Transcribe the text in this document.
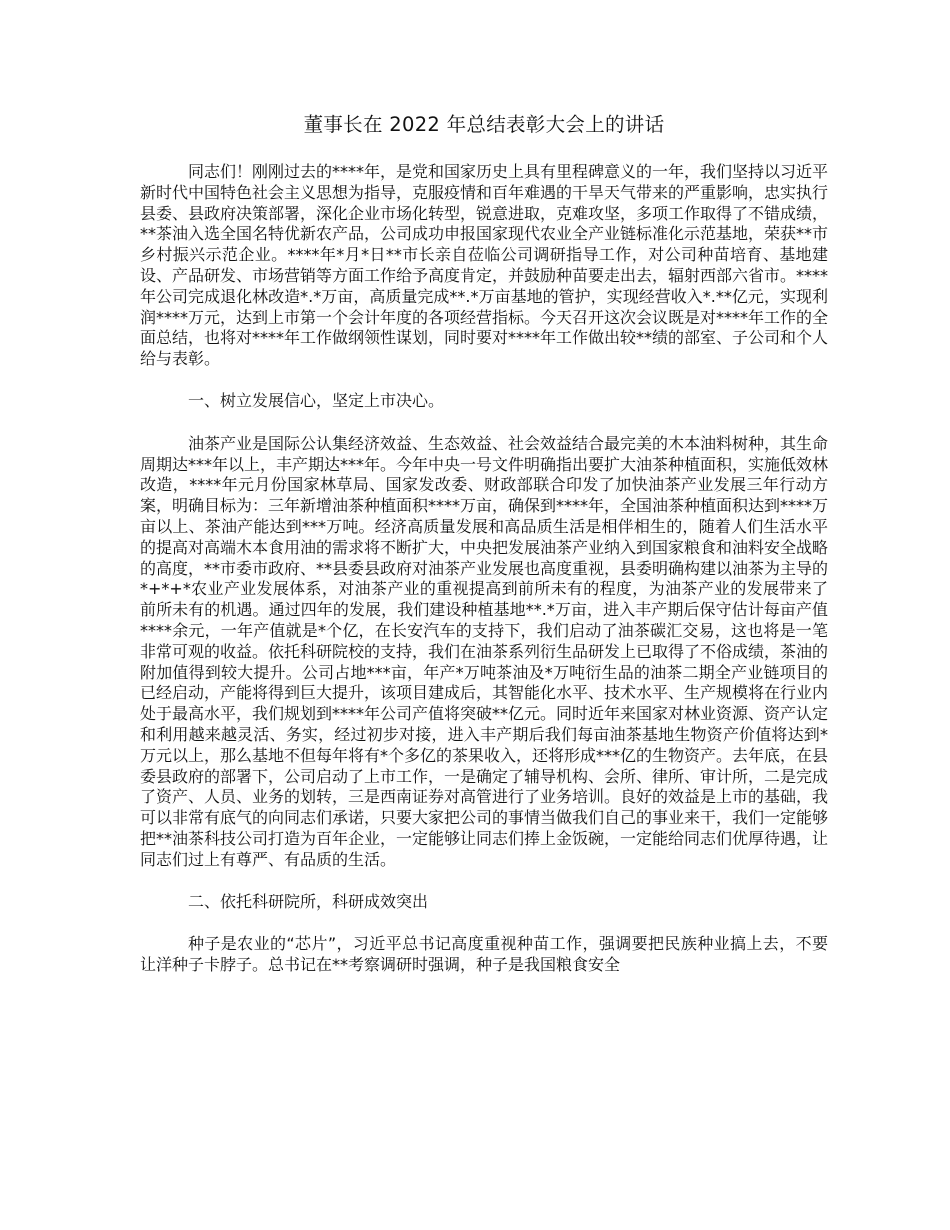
董事长在 2022 年总结表彰大会上的讲话

同志们！刚刚过去的****年，是党和国家历史上具有里程碑意义的一年，我们坚持以习近平新时代中国特色社会主义思想为指导，克服疫情和百年难遇的干旱天气带来的严重影响，忠实执行县委、县政府决策部署，深化企业市场化转型，锐意进取，克难攻坚，多项工作取得了不错成绩，**茶油入选全国名特优新农产品，公司成功申报国家现代农业全产业链标准化示范基地，荣获**市乡村振兴示范企业。****年*月*日**市长亲自莅临公司调研指导工作，对公司种苗培育、基地建设、产品研发、市场营销等方面工作给予高度肯定，并鼓励种苗要走出去，辐射西部六省市。****年公司完成退化林改造*.*万亩，高质量完成**.*万亩基地的管护，实现经营收入*.**亿元，实现利润****万元，达到上市第一个会计年度的各项经营指标。今天召开这次会议既是对****年工作的全面总结，也将对****年工作做纲领性谋划，同时要对****年工作做出较**绩的部室、子公司和个人给与表彰。

一、树立发展信心，坚定上市决心。

油茶产业是国际公认集经济效益、生态效益、社会效益结合最完美的木本油料树种，其生命周期达***年以上，丰产期达***年。今年中央一号文件明确指出要扩大油茶种植面积，实施低效林改造，****年元月份国家林草局、国家发改委、财政部联合印发了加快油茶产业发展三年行动方案，明确目标为：三年新增油茶种植面积****万亩，确保到****年，全国油茶种植面积达到****万亩以上、茶油产能达到***万吨。经济高质量发展和高品质生活是相伴相生的，随着人们生活水平的提高对高端木本食用油的需求将不断扩大，中央把发展油茶产业纳入到国家粮食和油料安全战略的高度，**市委市政府、**县委县政府对油茶产业发展也高度重视，县委明确构建以油茶为主导的*+*+*农业产业发展体系，对油茶产业的重视提高到前所未有的程度，为油茶产业的发展带来了前所未有的机遇。通过四年的发展，我们建设种植基地**.*万亩，进入丰产期后保守估计每亩产值****余元，一年产值就是*个亿，在长安汽车的支持下，我们启动了油茶碳汇交易，这也将是一笔非常可观的收益。依托科研院校的支持，我们在油茶系列衍生品研发上已取得了不俗成绩，茶油的附加值得到较大提升。公司占地***亩，年产*万吨茶油及*万吨衍生品的油茶二期全产业链项目的已经启动，产能将得到巨大提升，该项目建成后，其智能化水平、技术水平、生产规模将在行业内处于最高水平，我们规划到****年公司产值将突破**亿元。同时近年来国家对林业资源、资产认定和利用越来越灵活、务实，经过初步对接，进入丰产期后我们每亩油茶基地生物资产价值将达到*万元以上，那么基地不但每年将有*个多亿的茶果收入，还将形成***亿的生物资产。去年底，在县委县政府的部署下，公司启动了上市工作，一是确定了辅导机构、会所、律所、审计所，二是完成了资产、人员、业务的划转，三是西南证券对高管进行了业务培训。良好的效益是上市的基础，我可以非常有底气的向同志们承诺，只要大家把公司的事情当做我们自己的事业来干，我们一定能够把**油茶科技公司打造为百年企业，一定能够让同志们捧上金饭碗，一定能给同志们优厚待遇，让同志们过上有尊严、有品质的生活。

二、依托科研院所，科研成效突出

种子是农业的“芯片”，习近平总书记高度重视种苗工作，强调要把民族种业搞上去，不要让洋种子卡脖子。总书记在**考察调研时强调，种子是我国粮食安全
